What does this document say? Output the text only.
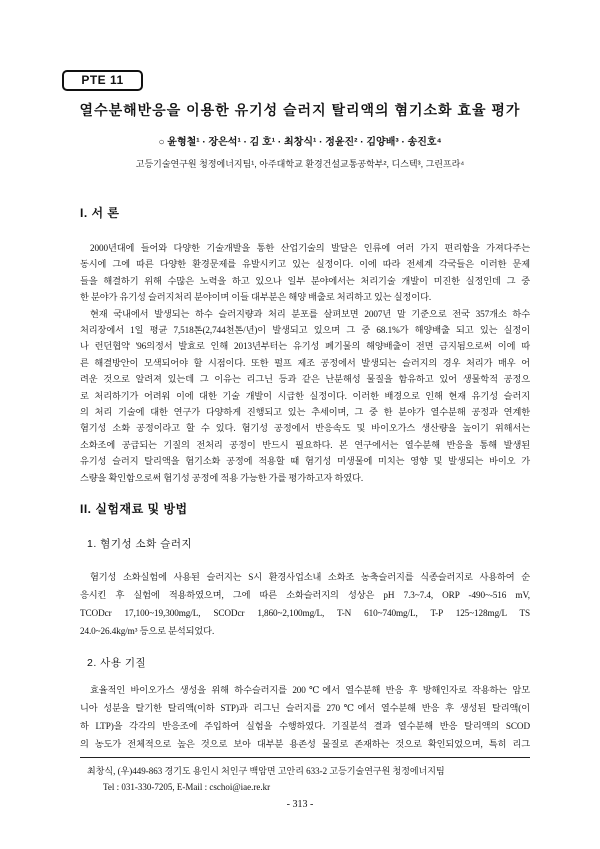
PTE 11
열수분해반응을 이용한 유기성 슬러지 탈리액의 혐기소화 효율 평가
○ 윤형철¹ · 장은석¹ · 김 호¹ · 최창식¹ · 정윤진² · 김양배³ · 송진호⁴
고등기술연구원 청정에너지팀¹, 아주대학교 환경건설교통공학부², 디스텍³, 그린프라⁴
I. 서 론
2000년대에 들어와 다양한 기술개발을 통한 산업기술의 발달은 인류에 여러 가지 편리함을 가져다주는
동시에 그에 따른 다양한 환경문제를 유발시키고 있는 실정이다. 이에 따라 전세계 각국들은 이러한 문제
들을 해결하기 위해 수많은 노력을 하고 있으나 일부 분야에서는 처리기술 개발이 미진한 실정인데 그 중
한 분야가 유기성 슬러지처리 분야이며 이들 대부분은 해양 배출로 처리하고 있는 실정이다.
현재 국내에서 발생되는 하수 슬러지량과 처리 분포를 살펴보면 2007년 말 기준으로 전국 357개소 하수
처리장에서 1일 평균 7,518톤(2,744천톤/년)이 발생되고 있으며 그 중 68.1%가 해양배출 되고 있는 실정이
나 런던협약 '96의정서 발효로 인해 2013년부터는 유기성 폐기물의 해양배출이 전면 금지됨으로써 이에 따
른 해결방안이 모색되어야 할 시점이다. 또한 펄프 제조 공정에서 발생되는 슬러지의 경우 처리가 매우 어
려운 것으로 알려져 있는데 그 이유는 리그닌 등과 같은 난분해성 물질을 함유하고 있어 생물학적 공정으
로 처리하기가 어려워 이에 대한 기술 개발이 시급한 실정이다. 이러한 배경으로 인해 현재 유기성 슬러지
의 처리 기술에 대한 연구가 다양하게 진행되고 있는 추세이며, 그 중 한 분야가 열수분해 공정과 연계한
혐기성 소화 공정이라고 할 수 있다. 혐기성 공정에서 반응속도 및 바이오가스 생산량을 높이기 위해서는
소화조에 공급되는 기질의 전처리 공정이 반드시 필요하다. 본 연구에서는 열수분해 반응을 통해 발생된
유기성 슬러지 탈리액을 혐기소화 공정에 적용할 때 혐기성 미생물에 미치는 영향 및 발생되는 바이오 가
스량을 확인함으로써 혐기성 공정에 적용 가능한 가를 평가하고자 하였다.
II. 실험재료 및 방법
1. 혐기성 소화 슬러지
혐기성 소화실험에 사용된 슬러지는 S시 환경사업소내 소화조 농축슬러지를 식종슬러지로 사용하여 순
응시킨 후 실험에 적용하였으며, 그에 따른 소화슬러지의 성상은 pH 7.3~7.4, ORP -490~-516 mV,
TCODcr 17,100~19,300mg/L, SCODcr 1,860~2,100mg/L, T-N 610~740mg/L, T-P 125~128mg/L TS
24.0~26.4kg/m³ 등으로 분석되었다.
2. 사용 기질
효율적인 바이오가스 생성을 위해 하수슬러지를 200℃에서 열수분해 반응 후 방해인자로 작용하는 암모
니아 성분을 탈기한 탈리액(이하 STP)과 리그닌 슬러지를 270℃에서 열수분해 반응 후 생성된 탈리액(이
하 LTP)을 각각의 반응조에 주입하여 실험을 수행하였다. 기질분석 결과 열수분해 반응 탈리액의 SCOD
의 농도가 전체적으로 높은 것으로 보아 대부분 용존성 물질로 존재하는 것으로 확인되었으며, 특히 리그
최창식, (우)449-863 경기도 용인시 처인구 백암면 고안리 633-2 고등기술연구원 청정에너지팀
Tel : 031-330-7205, E-Mail : cschoi@iae.re.kr
- 313 -
